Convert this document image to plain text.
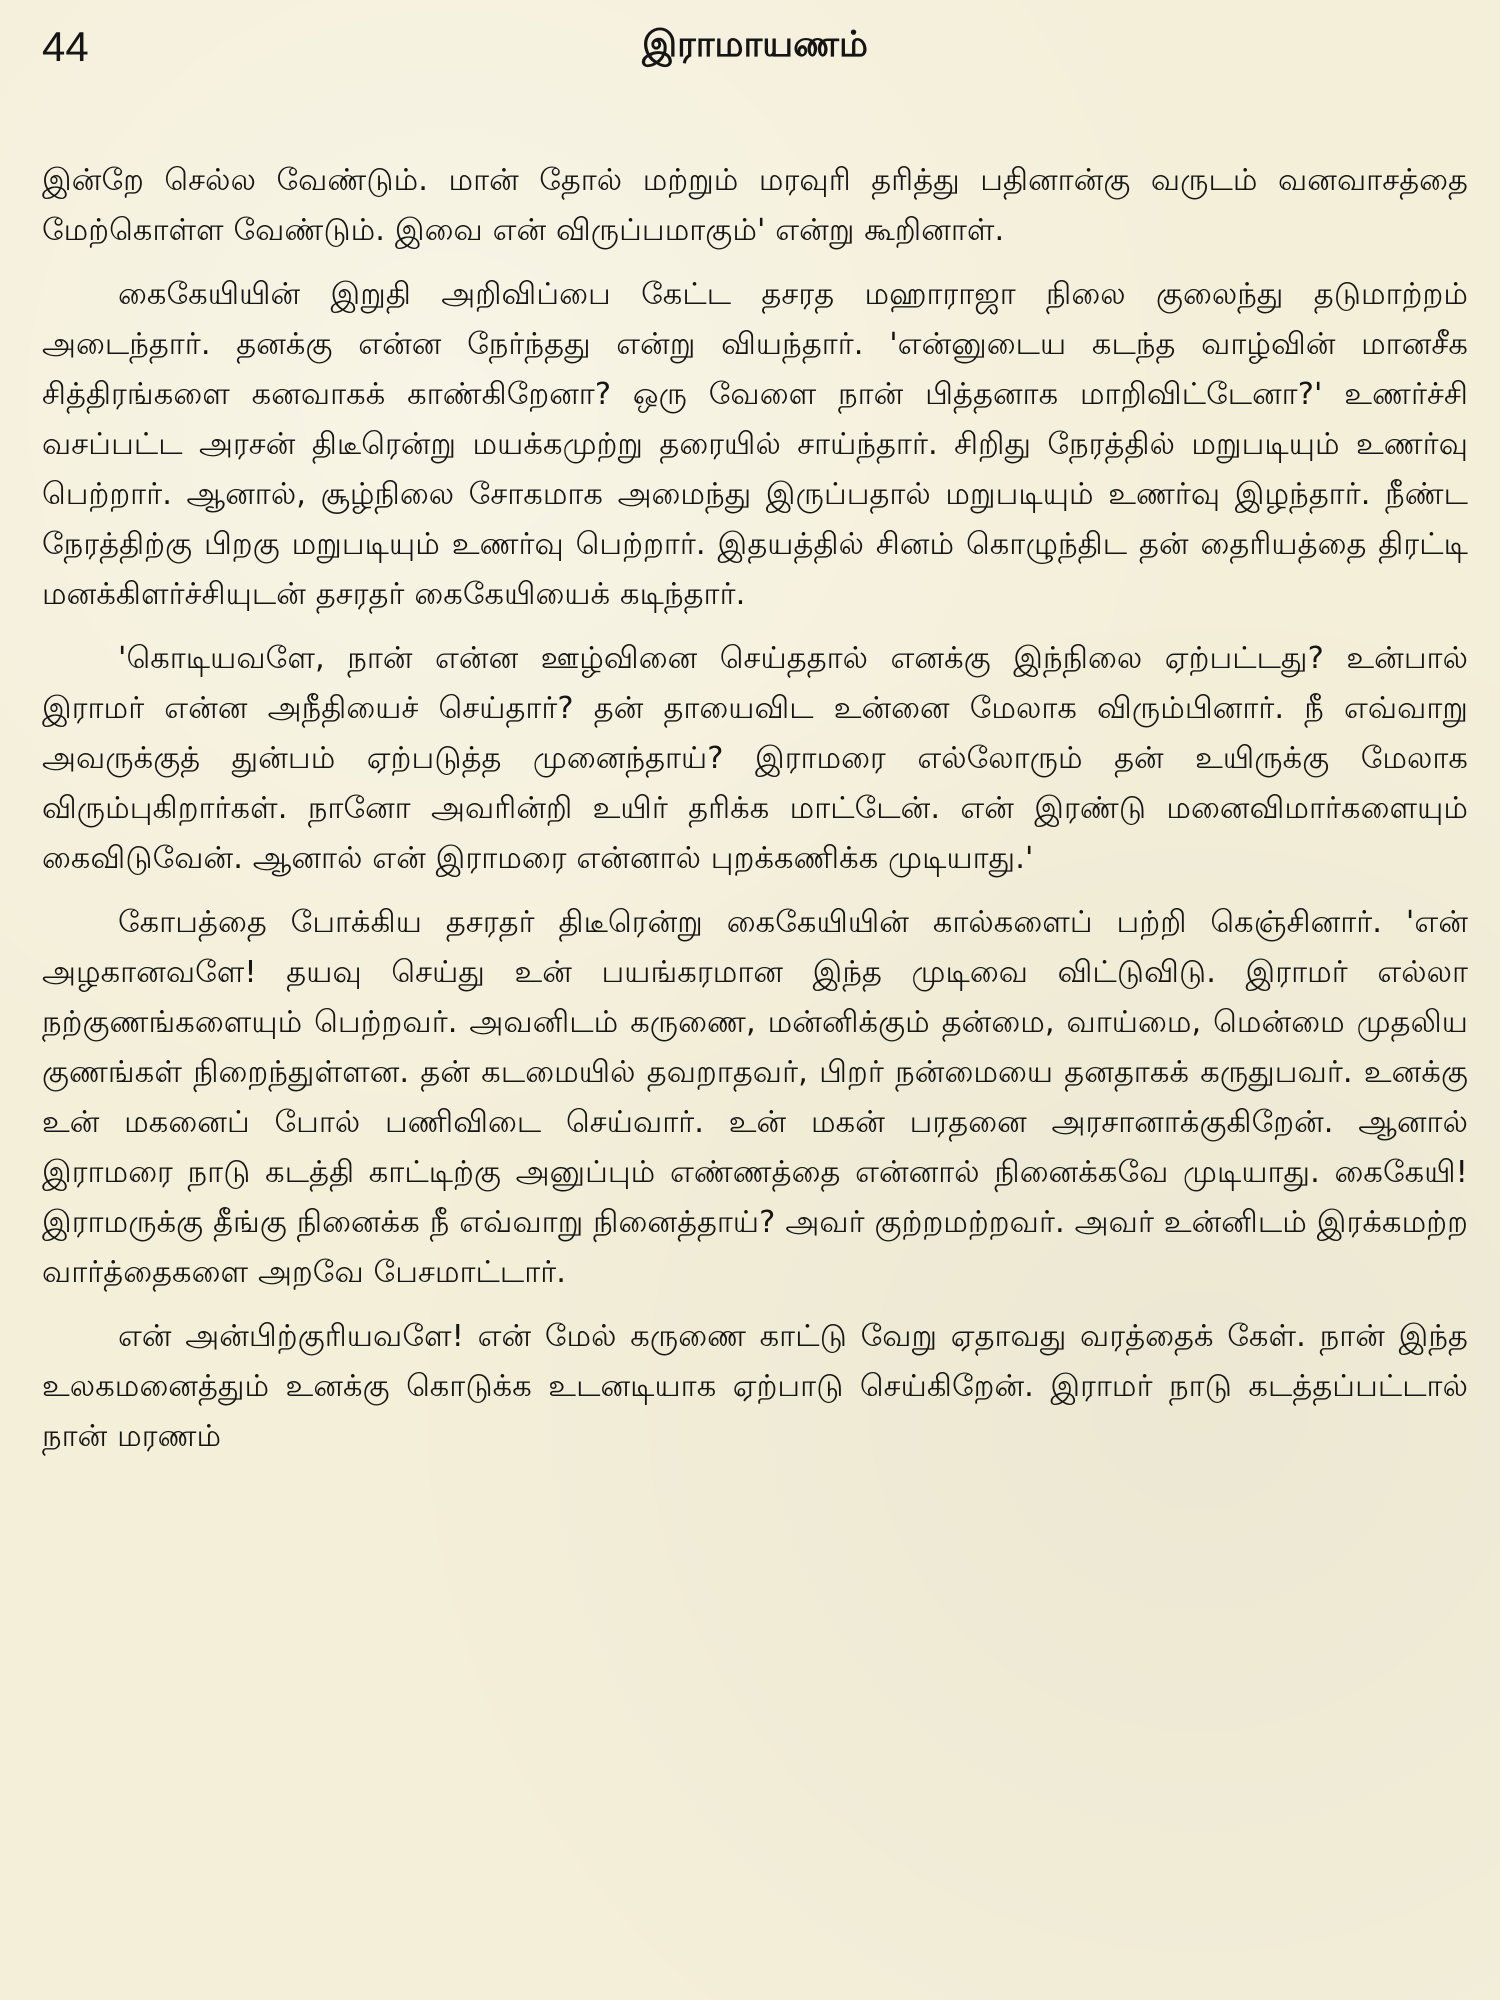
44	இராமாயணம்

இன்றே செல்ல வேண்டும். மான் தோல் மற்றும் மரவுரி தரித்து பதினான்கு வருடம் வனவாசத்தை மேற்கொள்ள வேண்டும். இவை என் விருப்பமாகும்' என்று கூறினாள்.

கைகேயியின் இறுதி அறிவிப்பை கேட்ட தசரத மஹாராஜா நிலை குலைந்து தடுமாற்றம் அடைந்தார். தனக்கு என்ன நேர்ந்தது என்று வியந்தார். 'என்னுடைய கடந்த வாழ்வின் மானசீக சித்திரங்களை கனவாகக் காண்கிறேனா? ஒரு வேளை நான் பித்தனாக மாறிவிட்டேனா?' உணர்ச்சி வசப்பட்ட அரசன் திடீரென்று மயக்கமுற்று தரையில் சாய்ந்தார். சிறிது நேரத்தில் மறுபடியும் உணர்வு பெற்றார். ஆனால், சூழ்நிலை சோகமாக அமைந்து இருப்பதால் மறுபடியும் உணர்வு இழந்தார். நீண்ட நேரத்திற்கு பிறகு மறுபடியும் உணர்வு பெற்றார். இதயத்தில் சினம் கொழுந்திட தன் தைரியத்தை திரட்டி மனக்கிளர்ச்சியுடன் தசரதர் கைகேயியைக் கடிந்தார்.

'கொடியவளே, நான் என்ன ஊழ்வினை செய்ததால் எனக்கு இந்நிலை ஏற்பட்டது? உன்பால் இராமர் என்ன அநீதியைச் செய்தார்? தன் தாயைவிட உன்னை மேலாக விரும்பினார். நீ எவ்வாறு அவருக்குத் துன்பம் ஏற்படுத்த முனைந்தாய்? இராமரை எல்லோரும் தன் உயிருக்கு மேலாக விரும்புகிறார்கள். நானோ அவரின்றி உயிர் தரிக்க மாட்டேன். என் இரண்டு மனைவிமார்களையும் கைவிடுவேன். ஆனால் என் இராமரை என்னால் புறக்கணிக்க முடியாது.'

கோபத்தை போக்கிய தசரதர் திடீரென்று கைகேயியின் கால்களைப் பற்றி கெஞ்சினார். 'என் அழகானவளே! தயவு செய்து உன் பயங்கரமான இந்த முடிவை விட்டுவிடு. இராமர் எல்லா நற்குணங்களையும் பெற்றவர். அவனிடம் கருணை, மன்னிக்கும் தன்மை, வாய்மை, மென்மை முதலிய குணங்கள் நிறைந்துள்ளன. தன் கடமையில் தவறாதவர், பிறர் நன்மையை தனதாகக் கருதுபவர். உனக்கு உன் மகனைப் போல் பணிவிடை செய்வார். உன் மகன் பரதனை அரசானாக்குகிறேன். ஆனால் இராமரை நாடு கடத்தி காட்டிற்கு அனுப்பும் எண்ணத்தை என்னால் நினைக்கவே முடியாது. கைகேயி! இராமருக்கு தீங்கு நினைக்க நீ எவ்வாறு நினைத்தாய்? அவர் குற்றமற்றவர். அவர் உன்னிடம் இரக்கமற்ற வார்த்தைகளை அறவே பேசமாட்டார்.

என் அன்பிற்குரியவளே! என் மேல் கருணை காட்டு வேறு ஏதாவது வரத்தைக் கேள். நான் இந்த உலகமனைத்தும் உனக்கு கொடுக்க உடனடியாக ஏற்பாடு செய்கிறேன். இராமர் நாடு கடத்தப்பட்டால் நான் மரணம்
